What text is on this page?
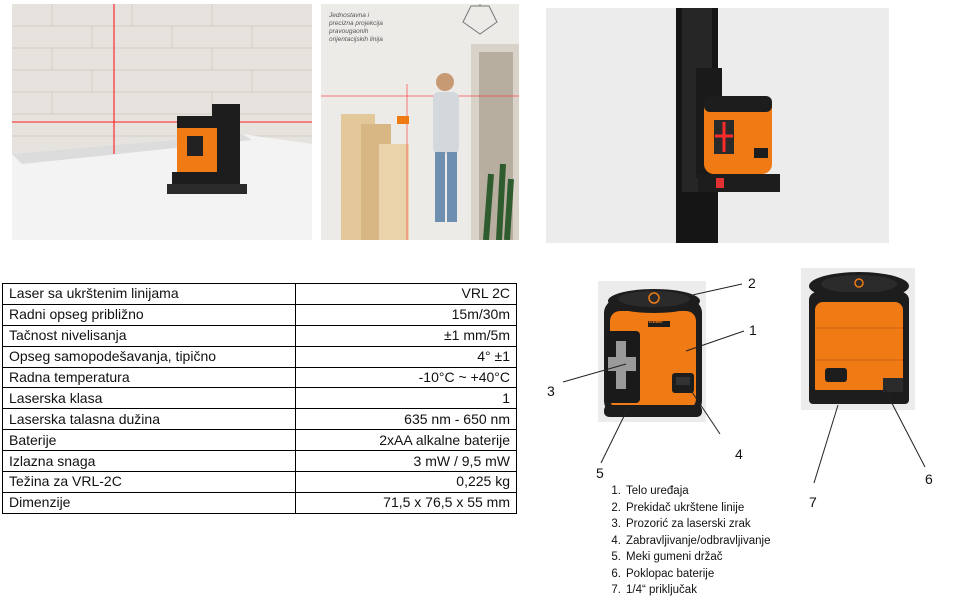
Jednostavna i precizna projekcija pravougaonih orijentacijskih linija
Laser sa ukrštenim linijama	VRL 2C
Radni opseg približno	15m/30m
Tačnost nivelisanja	±1 mm/5m
Opseg samopodešavanja, tipično	4° ±1
Radna temperatura	-10°C ~ +40°C
Laserska klasa	1
Laserska talasna dužina	635 nm - 650 nm
Baterije	2xAA alkalne baterije
Izlazna snaga	3 mW / 9,5 mW
Težina za VRL-2C	0,225 kg
Dimenzije	71,5 x 76,5 x 55 mm
Vibaer	1
2
3
4
5	6
7
1. Telo uređaja
2. Prekidač ukrštene linije
3. Prozorić za laserski zrak
4. Zabravljivanje/odbravljivanje
5. Meki gumeni držač
6. Poklopac baterije
7. 1/4“ priključak
